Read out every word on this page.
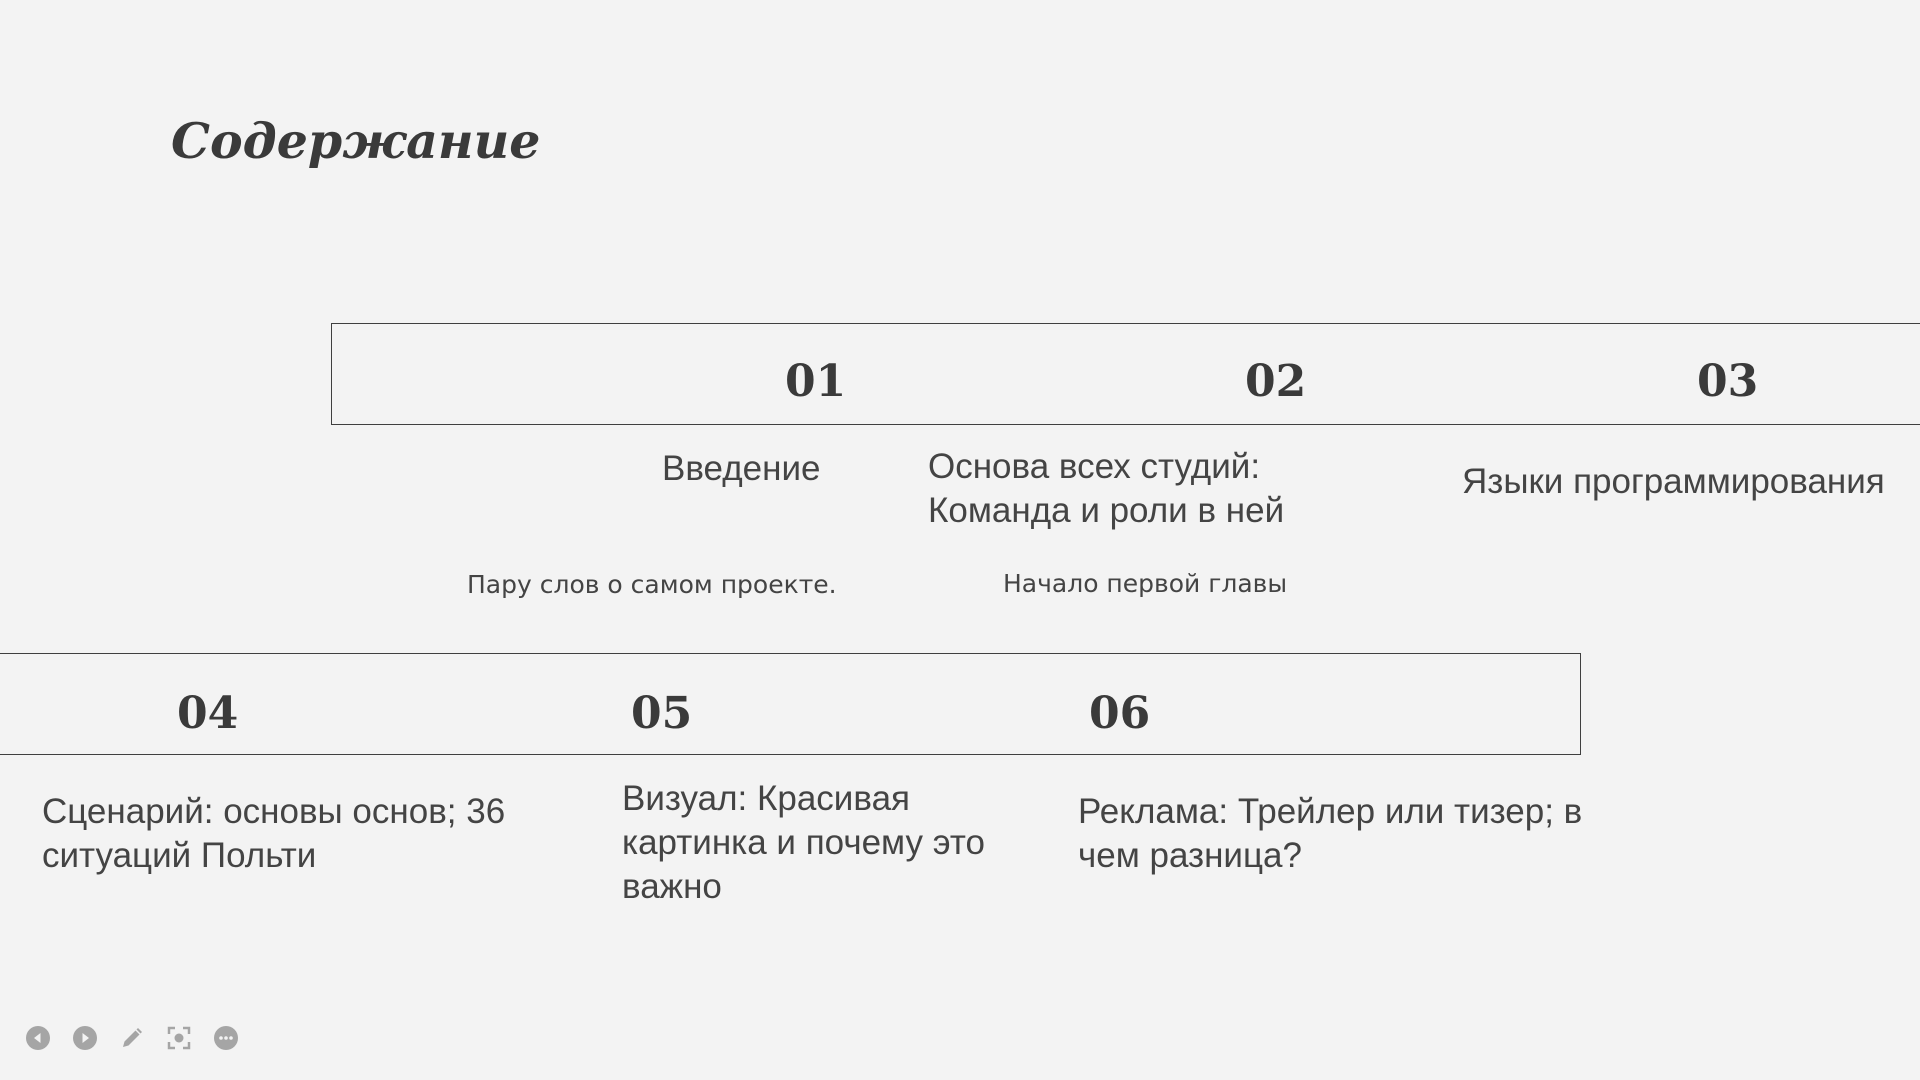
Содержание
01
Введение
Пару слов о самом проекте.
02
Основа всех студий: Команда и роли в ней
Начало первой главы
03
Языки программирования
04
Сценарий: основы основ; 36 ситуаций Польти
05
Визуал: Красивая картинка и почему это важно
06
Реклама: Трейлер или тизер; в чем разница?
